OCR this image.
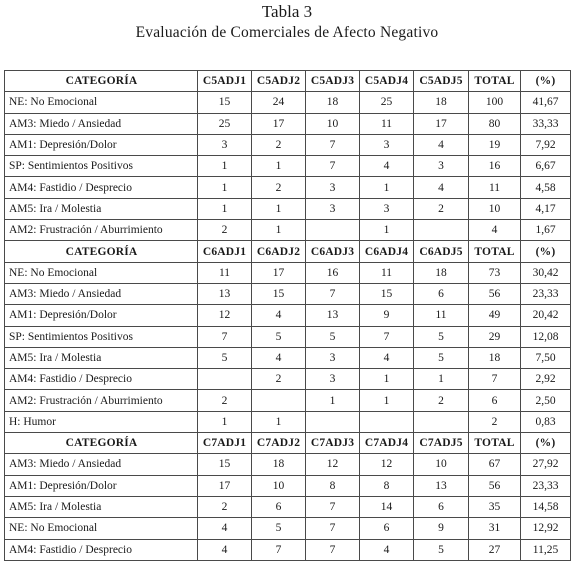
Tabla 3
Evaluación de Comerciales de Afecto Negativo
CATEGORÍA	C5ADJ1	C5ADJ2	C5ADJ3	C5ADJ4	C5ADJ5	TOTAL	(%)
NE: No Emocional	15	24	18	25	18	100	41,67
AM3: Miedo / Ansiedad	25	17	10	11	17	80	33,33
AM1: Depresión/Dolor	3	2	7	3	4	19	7,92
SP: Sentimientos Positivos	1	1	7	4	3	16	6,67
AM4: Fastidio / Desprecio	1	2	3	1	4	11	4,58
AM5: Ira / Molestia	1	1	3	3	2	10	4,17
AM2: Frustración / Aburrimiento	2	1		1		4	1,67
CATEGORÍA	C6ADJ1	C6ADJ2	C6ADJ3	C6ADJ4	C6ADJ5	TOTAL	(%)
NE: No Emocional	11	17	16	11	18	73	30,42
AM3: Miedo / Ansiedad	13	15	7	15	6	56	23,33
AM1: Depresión/Dolor	12	4	13	9	11	49	20,42
SP: Sentimientos Positivos	7	5	5	7	5	29	12,08
AM5: Ira / Molestia	5	4	3	4	5	18	7,50
AM4: Fastidio / Desprecio		2	3	1	1	7	2,92
AM2: Frustración / Aburrimiento	2		1	1	2	6	2,50
H: Humor	1	1				2	0,83
CATEGORÍA	C7ADJ1	C7ADJ2	C7ADJ3	C7ADJ4	C7ADJ5	TOTAL	(%)
AM3: Miedo / Ansiedad	15	18	12	12	10	67	27,92
AM1: Depresión/Dolor	17	10	8	8	13	56	23,33
AM5: Ira / Molestia	2	6	7	14	6	35	14,58
NE: No Emocional	4	5	7	6	9	31	12,92
AM4: Fastidio / Desprecio	4	7	7	4	5	27	11,25
